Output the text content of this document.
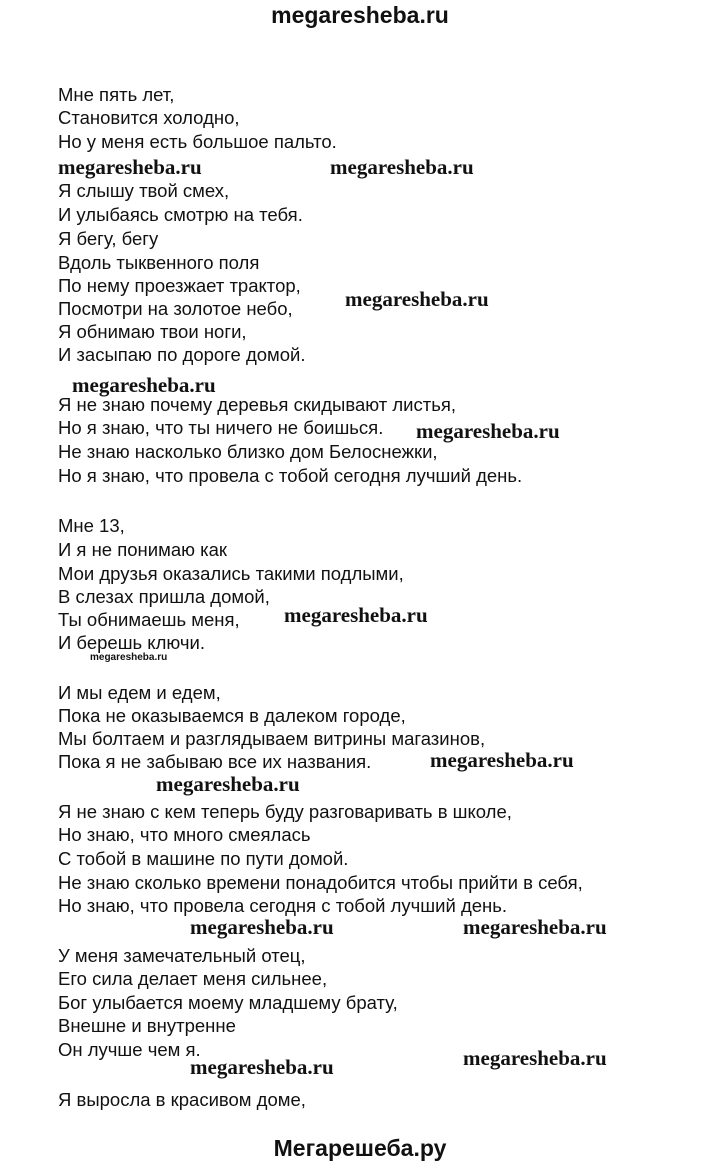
megaresheba.ru
Мне пять лет,
Становится холодно,
Но у меня есть большое пальто.
Я слышу твой смех,
И улыбаясь смотрю на тебя.
Я бегу, бегу
Вдоль тыквенного поля
По нему проезжает трактор,
Посмотри на золотое небо,
Я обнимаю твои ноги,
И засыпаю по дороге домой.
Я не знаю почему деревья скидывают листья,
Но я знаю, что ты ничего не боишься.
Не знаю насколько близко дом Белоснежки,
Но я знаю, что провела с тобой сегодня лучший день.
Мне 13,
И я не понимаю как
Мои друзья оказались такими подлыми,
В слезах пришла домой,
Ты обнимаешь меня,
И берешь ключи.
И мы едем и едем,
Пока не оказываемся в далеком городе,
Мы болтаем и разглядываем витрины магазинов,
Пока я не забываю все их названия.
Я не знаю с кем теперь буду разговаривать в школе,
Но знаю, что много смеялась
С тобой в машине по пути домой.
Не знаю сколько времени понадобится чтобы прийти в себя,
Но знаю, что провела сегодня с тобой лучший день.
У меня замечательный отец,
Его сила делает меня сильнее,
Бог улыбается моему младшему брату,
Внешне и внутренне
Он лучше чем я.
Я выросла в красивом доме,
megaresheba.ru	megaresheba.ru
megaresheba.ru
megaresheba.ru
megaresheba.ru
megaresheba.ru
megaresheba.ru
megaresheba.ru
megaresheba.ru
megaresheba.ru	megaresheba.ru
megaresheba.ru
megaresheba.ru
Мегарешеба.ру
